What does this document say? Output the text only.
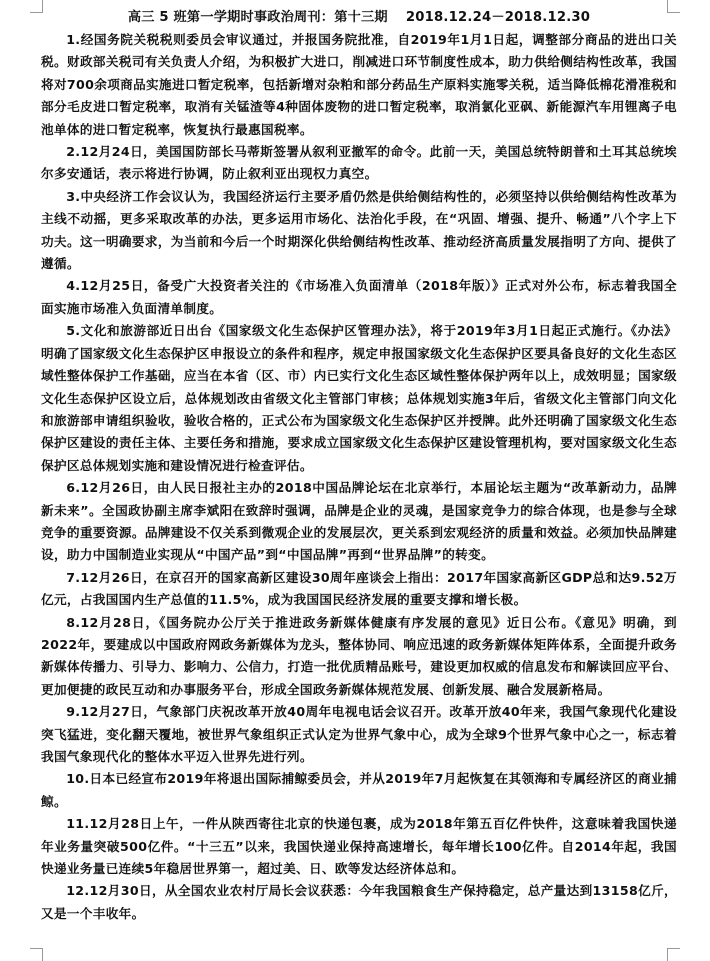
高三 5 班第一学期时事政治周刊：第十三期　 2018.12.24－2018.12.30

1.经国务院关税税则委员会审议通过，并报国务院批准，自2019年1月1日起，调整部分商品的进出口关税。财政部关税司有关负责人介绍，为积极扩大进口，削减进口环节制度性成本，助力供给侧结构性改革，我国将对700余项商品实施进口暂定税率，包括新增对杂粕和部分药品生产原料实施零关税，适当降低棉花滑准税和部分毛皮进口暂定税率，取消有关锰渣等4种固体废物的进口暂定税率，取消氯化亚砜、新能源汽车用锂离子电池单体的进口暂定税率，恢复执行最惠国税率。

2.12月24日，美国国防部长马蒂斯签署从叙利亚撤军的命令。此前一天，美国总统特朗普和土耳其总统埃尔多安通话，表示将进行协调，防止叙利亚出现权力真空。

3.中央经济工作会议认为，我国经济运行主要矛盾仍然是供给侧结构性的，必须坚持以供给侧结构性改革为主线不动摇，更多采取改革的办法，更多运用市场化、法治化手段，在“巩固、增强、提升、畅通”八个字上下功夫。这一明确要求，为当前和今后一个时期深化供给侧结构性改革、推动经济高质量发展指明了方向、提供了遵循。

4.12月25日，备受广大投资者关注的《市场准入负面清单（2018年版）》正式对外公布，标志着我国全面实施市场准入负面清单制度。

5.文化和旅游部近日出台《国家级文化生态保护区管理办法》，将于2019年3月1日起正式施行。《办法》明确了国家级文化生态保护区申报设立的条件和程序，规定申报国家级文化生态保护区要具备良好的文化生态区域性整体保护工作基础，应当在本省（区、市）内已实行文化生态区域性整体保护两年以上，成效明显；国家级文化生态保护区设立后，总体规划改由省级文化主管部门审核；总体规划实施3年后，省级文化主管部门向文化和旅游部申请组织验收，验收合格的，正式公布为国家级文化生态保护区并授牌。此外还明确了国家级文化生态保护区建设的责任主体、主要任务和措施，要求成立国家级文化生态保护区建设管理机构，要对国家级文化生态保护区总体规划实施和建设情况进行检查评估。

6.12月26日，由人民日报社主办的2018中国品牌论坛在北京举行，本届论坛主题为“改革新动力，品牌新未来”。全国政协副主席李斌阳在致辞时强调，品牌是企业的灵魂，是国家竞争力的综合体现，也是参与全球竞争的重要资源。品牌建设不仅关系到微观企业的发展层次，更关系到宏观经济的质量和效益。必须加快品牌建设，助力中国制造业实现从“中国产品”到“中国品牌”再到“世界品牌”的转变。

7.12月26日，在京召开的国家高新区建设30周年座谈会上指出：2017年国家高新区GDP总和达9.52万亿元，占我国国内生产总值的11.5%，成为我国国民经济发展的重要支撑和增长极。

8.12月28日，《国务院办公厅关于推进政务新媒体健康有序发展的意见》近日公布。《意见》明确，到2022年，要建成以中国政府网政务新媒体为龙头，整体协同、响应迅速的政务新媒体矩阵体系，全面提升政务新媒体传播力、引导力、影响力、公信力，打造一批优质精品账号，建设更加权威的信息发布和解读回应平台、更加便捷的政民互动和办事服务平台，形成全国政务新媒体规范发展、创新发展、融合发展新格局。

9.12月27日，气象部门庆祝改革开放40周年电视电话会议召开。改革开放40年来，我国气象现代化建设突飞猛进，变化翻天覆地，被世界气象组织正式认定为世界气象中心，成为全球9个世界气象中心之一，标志着我国气象现代化的整体水平迈入世界先进行列。

10.日本已经宣布2019年将退出国际捕鲸委员会，并从2019年7月起恢复在其领海和专属经济区的商业捕鲸。

11.12月28日上午，一件从陕西寄往北京的快递包裹，成为2018年第五百亿件快件，这意味着我国快递年业务量突破500亿件。“十三五”以来，我国快递业保持高速增长，每年增长100亿件。自2014年起，我国快递业务量已连续5年稳居世界第一，超过美、日、欧等发达经济体总和。

12.12月30日，从全国农业农村厅局长会议获悉：今年我国粮食生产保持稳定，总产量达到13158亿斤，又是一个丰收年。
